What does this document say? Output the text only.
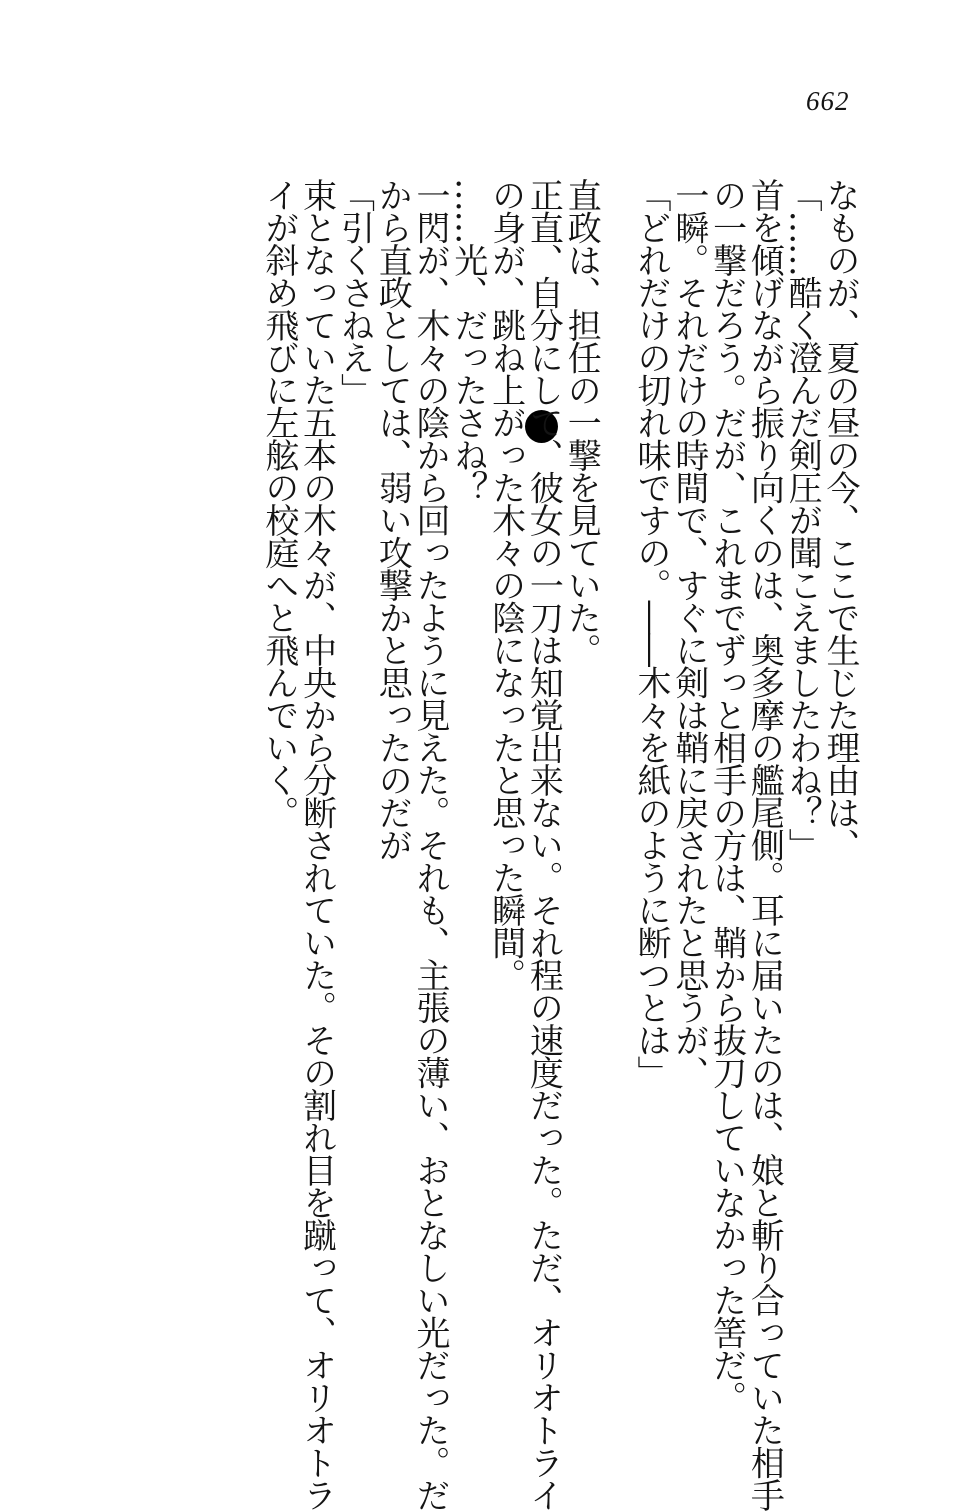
662
なものが、夏の昼の今、ここで生じた理由は、
「……酷く澄んだ剣圧が聞こえましたわね？」
首を傾げながら振り向くのは、奥多摩の艦尾側。耳に届いたのは、娘と斬り合っていた相手
の一撃だろう。だが、これまでずっと相手の方は、鞘から抜刀していなかった筈だ。
一瞬。それだけの時間で、すぐに剣は鞘に戻されたと思うが、
「どれだけの切れ味ですの。――木々を紙のように断つとは」
直政は、担任の一撃を見ていた。
正直、自分にして、彼女の一刀は知覚出来ない。それ程の速度だった。ただ、オリオトライ
の身が、跳ね上がった木々の陰になったと思った瞬間。
……光、だったさね？
一閃が、木々の陰から回ったように見えた。それも、主張の薄い、おとなしい光だった。だ
から直政としては、弱い攻撃かと思ったのだが
「引くさねえ」
束となっていた五本の木々が、中央から分断されていた。その割れ目を蹴って、オリオトラ
イが斜め飛びに左舷の校庭へと飛んでいく。
